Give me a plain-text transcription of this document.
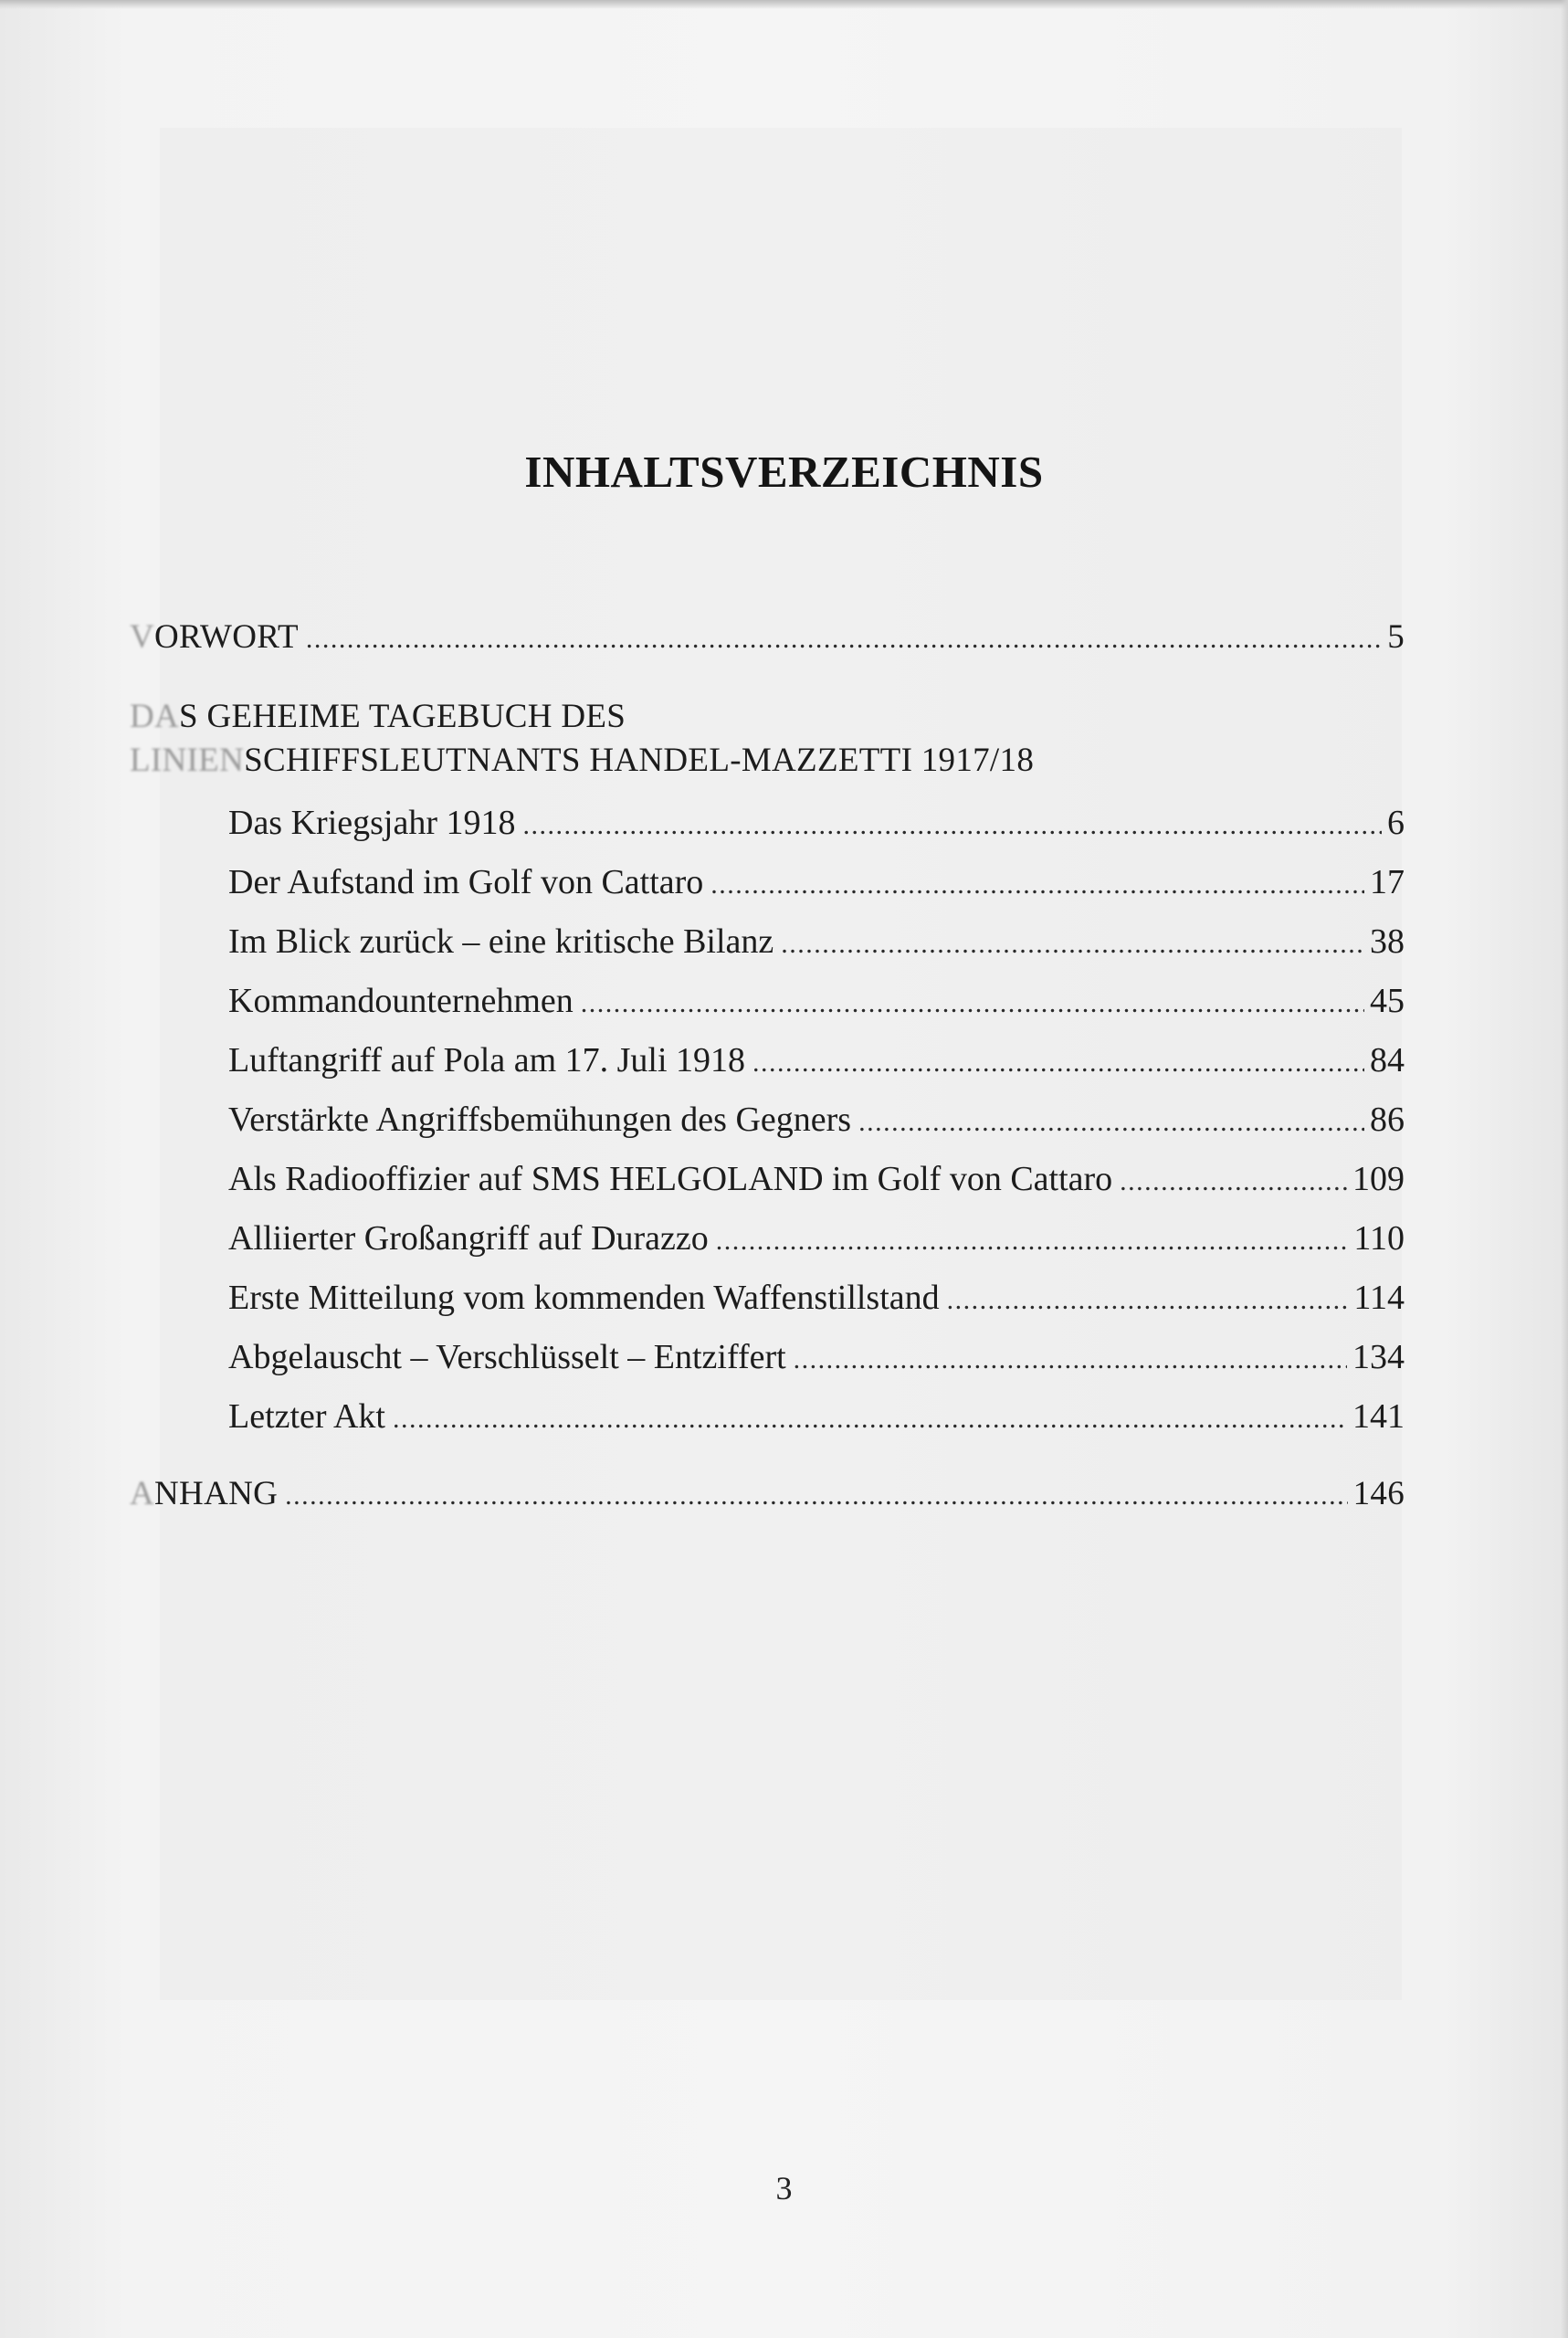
INHALTSVERZEICHNIS
VORWORT . . .	5
DAS GEHEIME TAGEBUCH DES
LINIENSCHIFFSLEUTNANTS HANDEL-MAZZETTI 1917/18
Das Kriegsjahr 1918 . . .	6
Der Aufstand im Golf von Cattaro . . .	17
Im Blick zurück – eine kritische Bilanz . . .	38
Kommandounternehmen . . .	45
Luftangriff auf Pola am 17. Juli 1918 . . .	84
Verstärkte Angriffsbemühungen des Gegners . . .	86
Als Radiooffizier auf SMS HELGOLAND im Golf von Cattaro . . .	109
Alliierter Großangriff auf Durazzo . . .	110
Erste Mitteilung vom kommenden Waffenstillstand . . .	114
Abgelauscht – Verschlüsselt – Entziffert . . .	134
Letzter Akt . . .	141
ANHANG . . .	146
3
